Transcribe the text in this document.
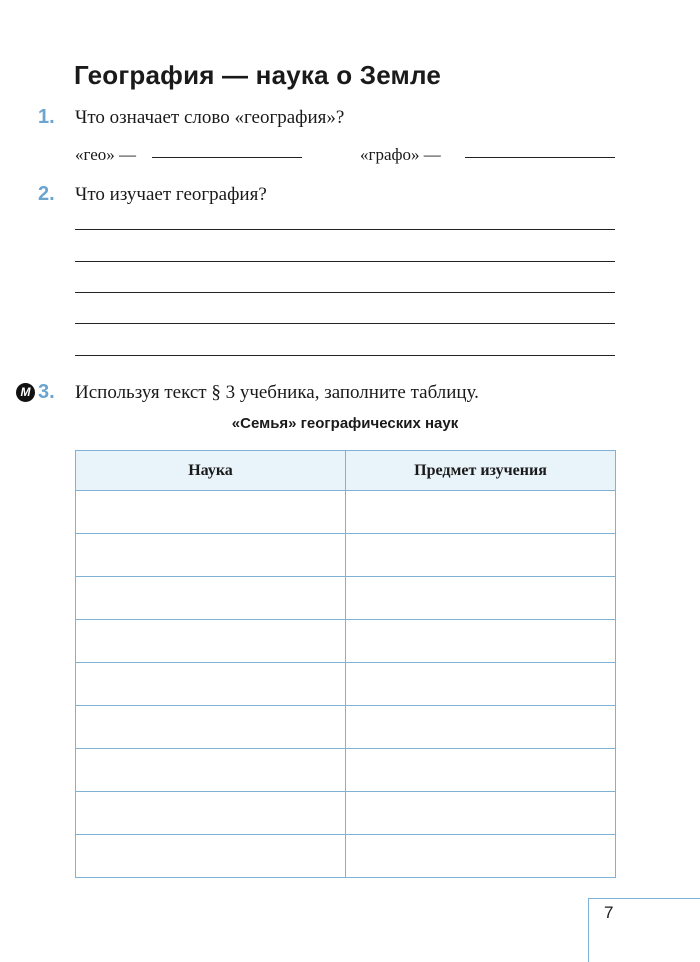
География — наука о Земле
1. Что означает слово «география»?
«гео» —	«графо» —
2. Что изучает география?
М 3. Используя текст § 3 учебника, заполните таблицу.
«Семья» географических наук
Наука	Предмет изучения

7
